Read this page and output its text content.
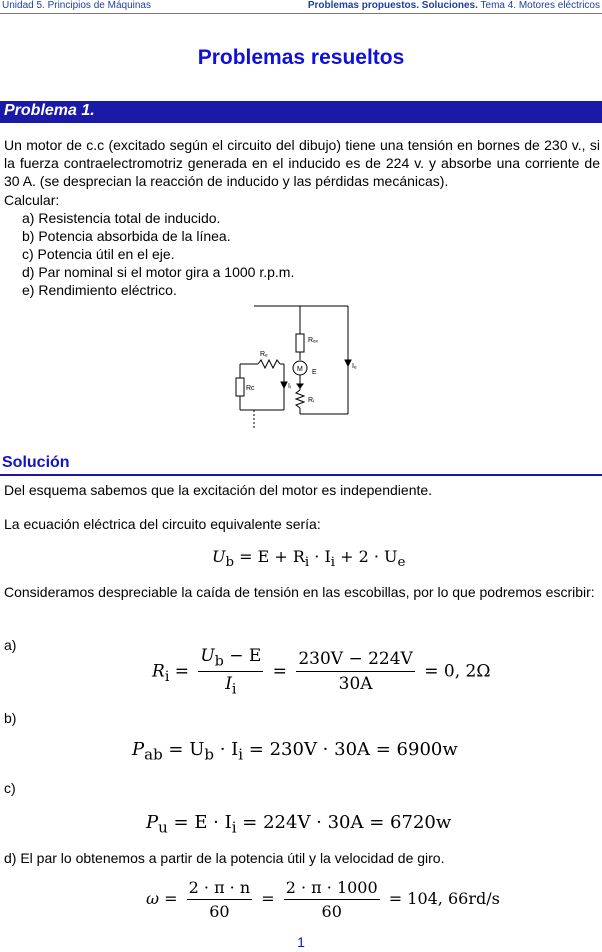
Unidad 5. Principios de Máquinas	Problemas propuestos. Soluciones. Tema 4. Motores eléctricos
Problemas resueltos
Problema 1.
Un motor de c.c (excitado según el circuito del dibujo) tiene una tensión en bornes de 230 v., si la fuerza contraelectromotriz generada en el inducido es de 224 v. y absorbe una corriente de 30 A. (se desprecian la reacción de inducido y las pérdidas mecánicas).
Calcular:
a) Resistencia total de inducido.
b) Potencia absorbida de la línea.
c) Potencia útil en el eje.
d) Par nominal si el motor gira a 1000 r.p.m.
e) Rendimiento eléctrico.
Rₑₓ
Rₑ
Rc
Rᵢ
M E
Iₑ
Iᵢ
Solución
Del esquema sabemos que la excitación del motor es independiente.
La ecuación eléctrica del circuito equivalente sería:
$U_b = E + R_i \cdot I_i + 2 \cdot U_e$
Consideramos despreciable la caída de tensión en las escobillas, por lo que podremos escribir:
a)
$R_i = \frac{U_b - E}{I_i} = \frac{230V - 224V}{30A} = 0$, 2Ω
b)
$P_{ab} = U_b \cdot I_i = 230V \cdot 30A = 6900w$
c)
$P_u = E \cdot I_i = 224V \cdot 30A = 6720w$
d) El par lo obtenemos a partir de la potencia útil y la velocidad de giro.
$\omega = \frac{2 \cdot \pi \cdot n}{60} = \frac{2 \cdot \pi \cdot 1000}{60} = 104$, 66rd/s
1
